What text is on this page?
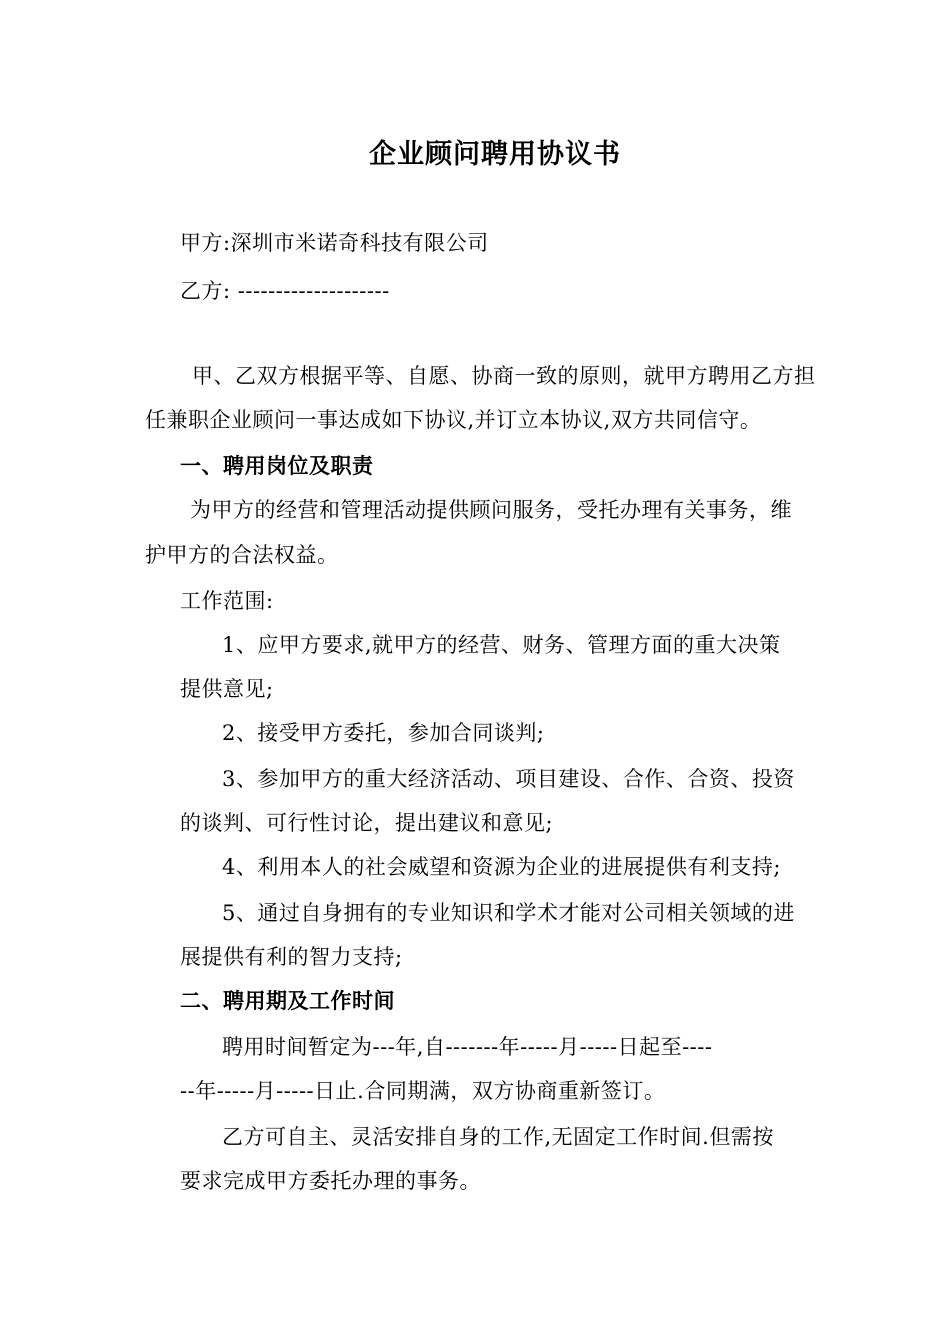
企业顾问聘用协议书
甲方:深圳市米诺奇科技有限公司
乙方: --------------------
甲、乙双方根据平等、自愿、协商一致的原则，就甲方聘用乙方担
任兼职企业顾问一事达成如下协议,并订立本协议,双方共同信守。
一、聘用岗位及职责
为甲方的经营和管理活动提供顾问服务，受托办理有关事务，维
护甲方的合法权益。
工作范围:
1、应甲方要求,就甲方的经营、财务、管理方面的重大决策
提供意见;
2、接受甲方委托，参加合同谈判;
3、参加甲方的重大经济活动、项目建设、合作、合资、投资
的谈判、可行性讨论，提出建议和意见;
4、利用本人的社会威望和资源为企业的进展提供有利支持;
5、通过自身拥有的专业知识和学术才能对公司相关领域的进
展提供有利的智力支持;
二、聘用期及工作时间
聘用时间暂定为---年,自-------年-----月-----日起至----
--年-----月-----日止.合同期满，双方协商重新签订。
乙方可自主、灵活安排自身的工作,无固定工作时间.但需按
要求完成甲方委托办理的事务。
